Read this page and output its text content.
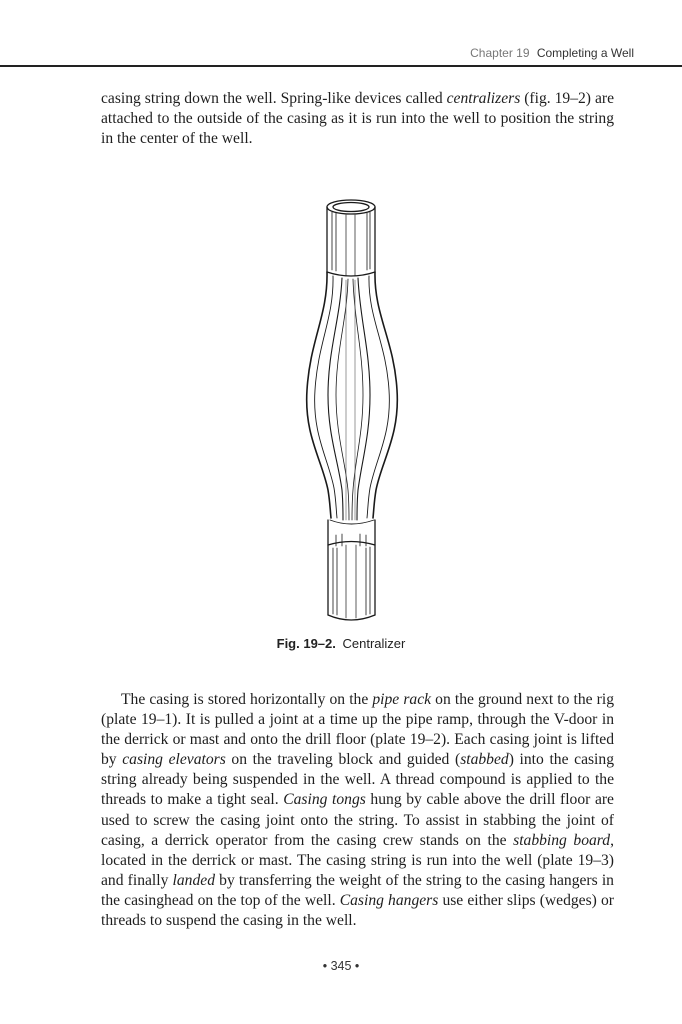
Chapter 19 Completing a Well

casing string down the well. Spring-like devices called centralizers (fig. 19–2) are attached to the outside of the casing as it is run into the well to position the string in the center of the well.

Fig. 19–2. Centralizer

The casing is stored horizontally on the pipe rack on the ground next to the rig (plate 19–1). It is pulled a joint at a time up the pipe ramp, through the V-door in the derrick or mast and onto the drill floor (plate 19–2). Each casing joint is lifted by casing elevators on the traveling block and guided (stabbed) into the casing string already being suspended in the well. A thread compound is applied to the threads to make a tight seal. Casing tongs hung by cable above the drill floor are used to screw the casing joint onto the string. To assist in stabbing the joint of casing, a derrick operator from the casing crew stands on the stabbing board, located in the derrick or mast. The casing string is run into the well (plate 19–3) and finally landed by transferring the weight of the string to the casing hangers in the casinghead on the top of the well. Casing hangers use either slips (wedges) or threads to suspend the casing in the well.

• 345 •
